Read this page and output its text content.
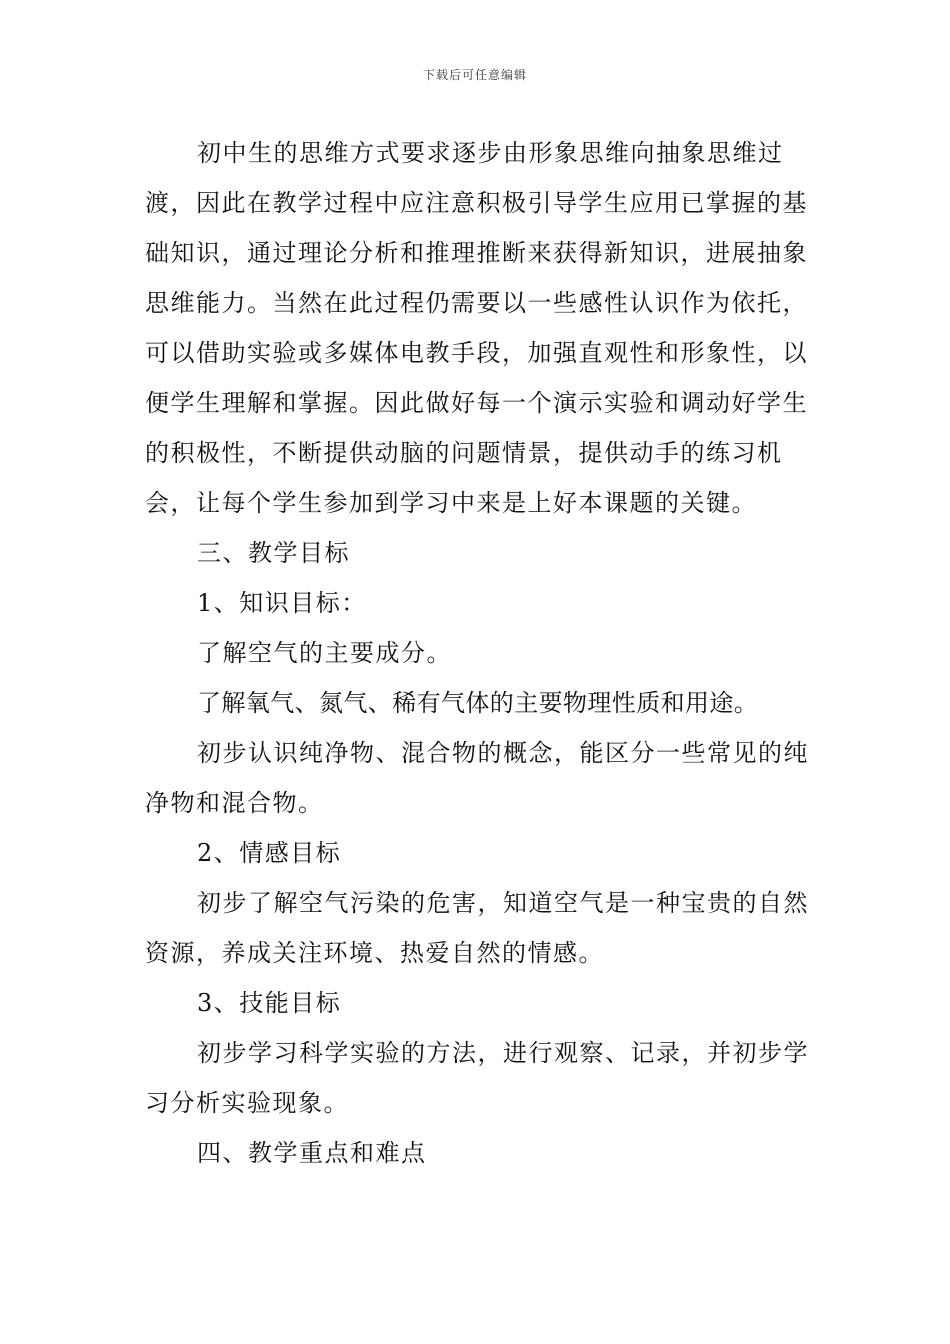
下载后可任意编辑

初中生的思维方式要求逐步由形象思维向抽象思维过渡，因此在教学过程中应注意积极引导学生应用已掌握的基础知识，通过理论分析和推理推断来获得新知识，进展抽象思维能力。当然在此过程仍需要以一些感性认识作为依托，可以借助实验或多媒体电教手段，加强直观性和形象性，以便学生理解和掌握。因此做好每一个演示实验和调动好学生的积极性，不断提供动脑的问题情景，提供动手的练习机会，让每个学生参加到学习中来是上好本课题的关键。

三、教学目标

1、知识目标：

了解空气的主要成分。

了解氧气、氮气、稀有气体的主要物理性质和用途。

初步认识纯净物、混合物的概念，能区分一些常见的纯净物和混合物。

2、情感目标

初步了解空气污染的危害，知道空气是一种宝贵的自然资源，养成关注环境、热爱自然的情感。

3、技能目标

初步学习科学实验的方法，进行观察、记录，并初步学习分析实验现象。

四、教学重点和难点
